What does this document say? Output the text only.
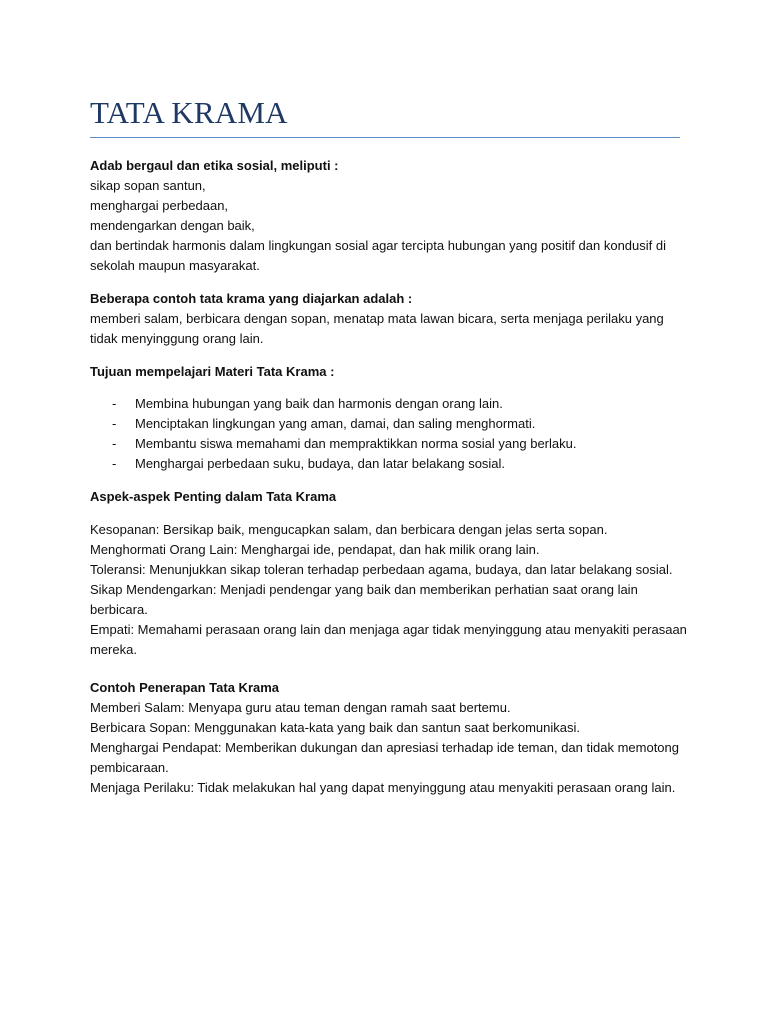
TATA KRAMA

Adab bergaul dan etika sosial, meliputi :

sikap sopan santun,

menghargai perbedaan,

mendengarkan dengan baik,

dan bertindak harmonis dalam lingkungan sosial agar tercipta hubungan yang positif dan kondusif di sekolah maupun masyarakat.

Beberapa contoh tata krama yang diajarkan adalah :

memberi salam, berbicara dengan sopan, menatap mata lawan bicara, serta menjaga perilaku yang tidak menyinggung orang lain.

Tujuan mempelajari Materi Tata Krama :

- Membina hubungan yang baik dan harmonis dengan orang lain.
- Menciptakan lingkungan yang aman, damai, dan saling menghormati.
- Membantu siswa memahami dan mempraktikkan norma sosial yang berlaku.
- Menghargai perbedaan suku, budaya, dan latar belakang sosial.

Aspek-aspek Penting dalam Tata Krama

Kesopanan: Bersikap baik, mengucapkan salam, dan berbicara dengan jelas serta sopan.

Menghormati Orang Lain: Menghargai ide, pendapat, dan hak milik orang lain.

Toleransi: Menunjukkan sikap toleran terhadap perbedaan agama, budaya, dan latar belakang sosial.

Sikap Mendengarkan: Menjadi pendengar yang baik dan memberikan perhatian saat orang lain berbicara.

Empati: Memahami perasaan orang lain dan menjaga agar tidak menyinggung atau menyakiti perasaan mereka.

Contoh Penerapan Tata Krama

Memberi Salam: Menyapa guru atau teman dengan ramah saat bertemu.

Berbicara Sopan: Menggunakan kata-kata yang baik dan santun saat berkomunikasi.

Menghargai Pendapat: Memberikan dukungan dan apresiasi terhadap ide teman, dan tidak memotong pembicaraan.

Menjaga Perilaku: Tidak melakukan hal yang dapat menyinggung atau menyakiti perasaan orang lain.
